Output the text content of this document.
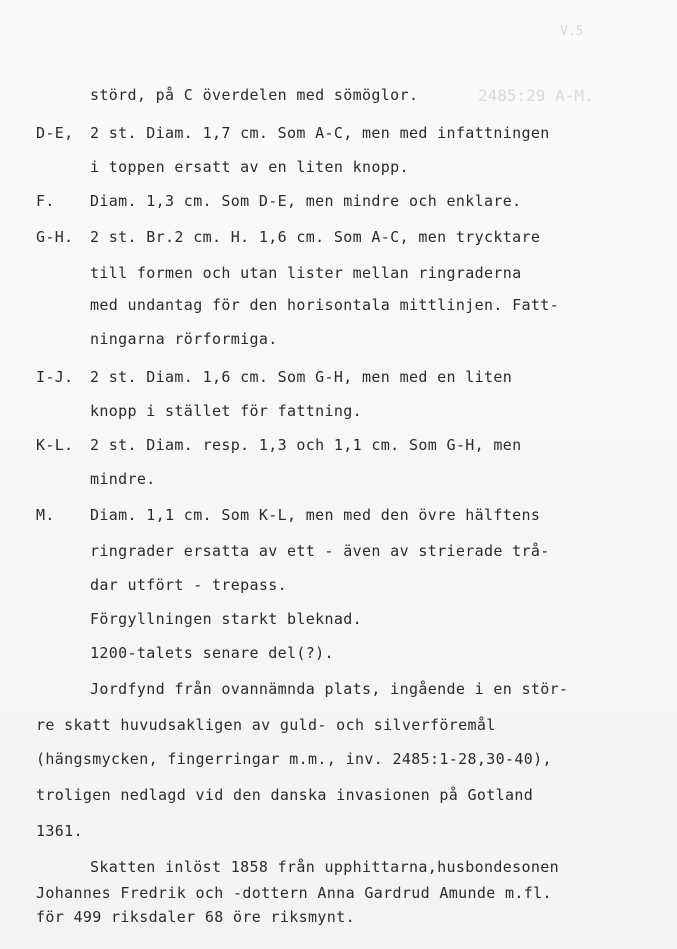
V.5
2485:29 A-M.
störd, på C överdelen med sömöglor.
D-E, 2 st. Diam. 1,7 cm. Som A-C, men med infattningen
i toppen ersatt av en liten knopp.
F. Diam. 1,3 cm. Som D-E, men mindre och enklare.
G-H. 2 st. Br.2 cm. H. 1,6 cm. Som A-C, men trycktare
till formen och utan lister mellan ringraderna
med undantag för den horisontala mittlinjen. Fatt-
ningarna rörformiga.
I-J. 2 st. Diam. 1,6 cm. Som G-H, men med en liten
knopp i stället för fattning.
K-L. 2 st. Diam. resp. 1,3 och 1,1 cm. Som G-H, men
mindre.
M. Diam. 1,1 cm. Som K-L, men med den övre hälftens
ringrader ersatta av ett - även av strierade trå-
dar utfört - trepass.
Förgyllningen starkt bleknad.
1200-talets senare del(?).
Jordfynd från ovannämnda plats, ingående i en stör-
re skatt huvudsakligen av guld- och silverföremål
(hängsmycken, fingerringar m.m., inv. 2485:1-28,30-40),
troligen nedlagd vid den danska invasionen på Gotland
1361.
Skatten inlöst 1858 från upphittarna,husbondesonen
Johannes Fredrik och -dottern Anna Gardrud Amunde m.fl.
för 499 riksdaler 68 öre riksmynt.
